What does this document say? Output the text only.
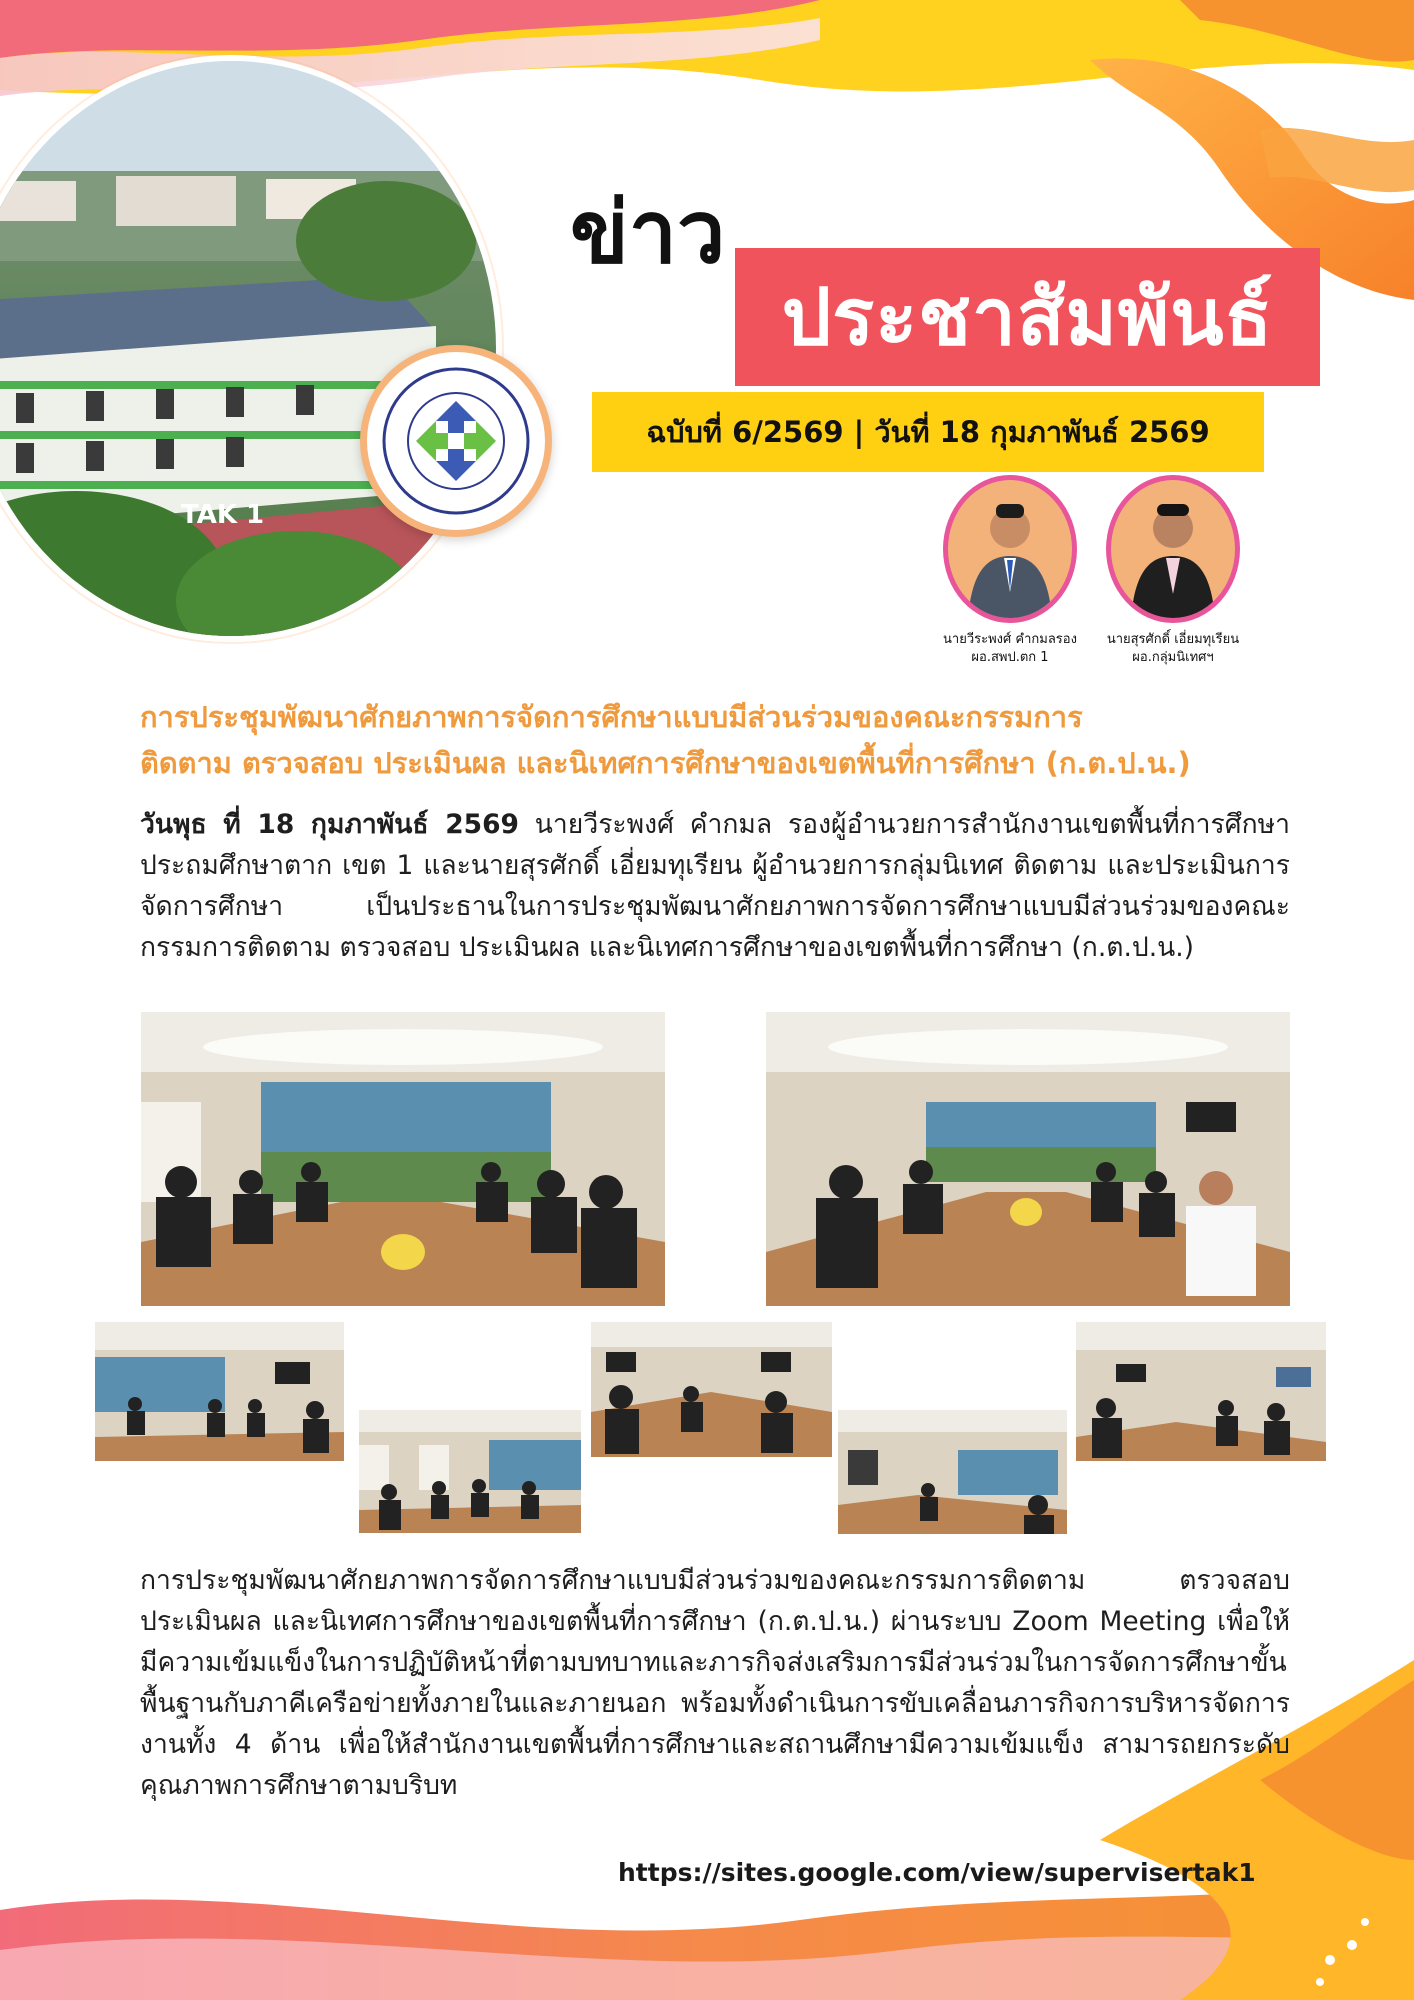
TAK 1
ข่าว
ประชาสัมพันธ์
ฉบับที่ 6/2569 | วันที่ 18 กุมภาพันธ์ 2569
นายวีระพงศ์ คำกมลรอง
ผอ.สพป.ตก 1
นายสุรศักดิ์ เอี่ยมทุเรียน
ผอ.กลุ่มนิเทศฯ
การประชุมพัฒนาศักยภาพการจัดการศึกษาแบบมีส่วนร่วมของคณะกรรมการ
ติดตาม ตรวจสอบ ประเมินผล และนิเทศการศึกษาของเขตพื้นที่การศึกษา (ก.ต.ป.น.)
วันพุธ ที่ 18 กุมภาพันธ์ 2569 นายวีระพงศ์ คำกมล รองผู้อำนวยการสำนักงานเขตพื้นที่การศึกษาประถมศึกษาตาก เขต 1 และนายสุรศักดิ์ เอี่ยมทุเรียน ผู้อำนวยการกลุ่มนิเทศ ติดตาม และประเมินการจัดการศึกษา เป็นประธานในการประชุมพัฒนาศักยภาพการจัดการศึกษาแบบมีส่วนร่วมของคณะกรรมการติดตาม ตรวจสอบ ประเมินผล และนิเทศการศึกษาของเขตพื้นที่การศึกษา (ก.ต.ป.น.)
การประชุมพัฒนาศักยภาพการจัดการศึกษาแบบมีส่วนร่วมของคณะกรรมการติดตาม ตรวจสอบ ประเมินผล และนิเทศการศึกษาของเขตพื้นที่การศึกษา (ก.ต.ป.น.) ผ่านระบบ Zoom Meeting เพื่อให้มีความเข้มแข็งในการปฏิบัติหน้าที่ตามบทบาทและภารกิจส่งเสริมการมีส่วนร่วมในการจัดการศึกษาขั้นพื้นฐานกับภาคีเครือข่ายทั้งภายในและภายนอก พร้อมทั้งดำเนินการขับเคลื่อนภารกิจการบริหารจัดการงานทั้ง 4 ด้าน เพื่อให้สำนักงานเขตพื้นที่การศึกษาและสถานศึกษามีความเข้มแข็ง สามารถยกระดับคุณภาพการศึกษาตามบริบท
https://sites.google.com/view/supervisertak1
